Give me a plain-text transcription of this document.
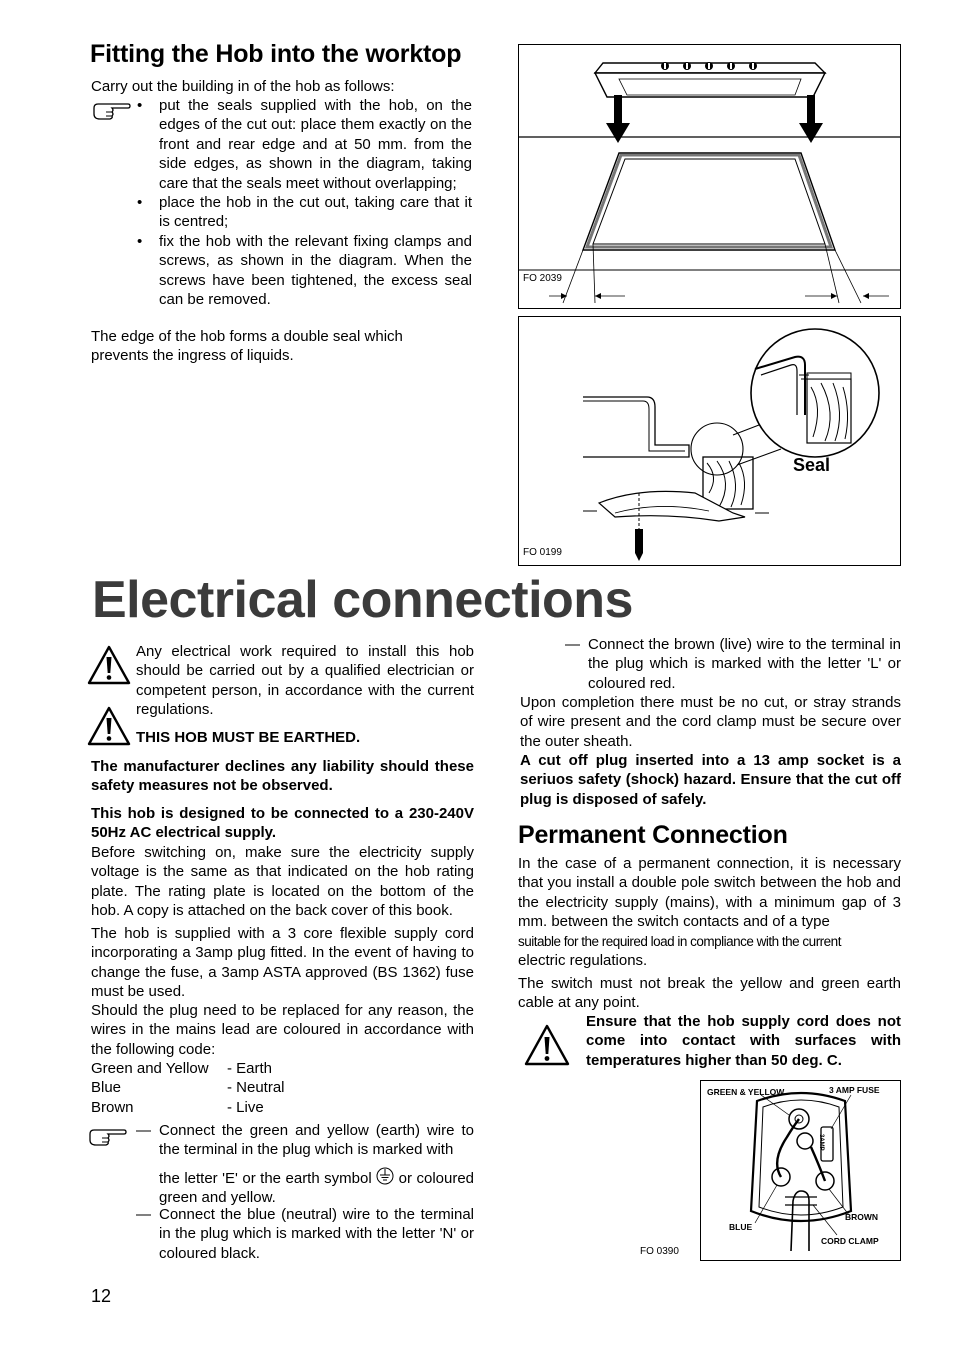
Fitting the Hob into the worktop
Carry out the building in of the hob as follows:
• put the seals supplied with the hob, on the edges of the cut out: place them exactly on the front and rear edge and at 50 mm. from the side edges, as shown in the diagram, taking care that the seals meet without overlapping;
• place the hob in the cut out, taking care that it is centred;
• fix the hob with the relevant fixing clamps and screws, as shown in the diagram. When the screws have been tightened, the excess seal can be removed.
The edge of the hob forms a double seal which prevents the ingress of liquids.
FO 2039
Seal
FO 0199
Electrical connections
Any electrical work required to install this hob should be carried out by a qualified electrician or competent person, in accordance with the current regulations.
THIS HOB MUST BE EARTHED.
The manufacturer declines any liability should these safety measures not be observed.
This hob is designed to be connected to a 230-240V 50Hz AC electrical supply.
Before switching on, make sure the electricity supply voltage is the same as that indicated on the hob rating plate. The rating plate is located on the bottom of the hob. A copy is attached on the back cover of this book.
The hob is supplied with a 3 core flexible supply cord incorporating a 3amp plug fitted. In the event of having to change the fuse, a 3amp ASTA approved (BS 1362) fuse must be used.
Should the plug need to be replaced for any reason, the wires in the mains lead are coloured in accordance with the following code:
Green and Yellow	- Earth
Blue	- Neutral
Brown	- Live
— Connect the green and yellow (earth) wire to the terminal in the plug which is marked with
the letter 'E' or the earth symbol or coloured green and yellow.
— Connect the blue (neutral) wire to the terminal in the plug which is marked with the letter 'N' or coloured black.
12
— Connect the brown (live) wire to the terminal in the plug which is marked with the letter 'L' or coloured red.
Upon completion there must be no cut, or stray strands of wire present and the cord clamp must be secure over the outer sheath.
A cut off plug inserted into a 13 amp socket is a seriuos safety (shock) hazard. Ensure that the cut off plug is disposed of safely.
Permanent Connection
In the case of a permanent connection, it is necessary that you install a double pole switch between the hob and the electricity supply (mains), with a minimum gap of 3 mm. between the switch contacts and of a type
suitable for the required load in compliance with the current
electric regulations.
The switch must not break the yellow and green earth cable at any point.
Ensure that the hob supply cord does not come into contact with surfaces with temperatures higher than 50 deg. C.
FO 0390
GREEN & YELLOW	3 AMP FUSE
3AMP
BLUE
BROWN
CORD CLAMP
